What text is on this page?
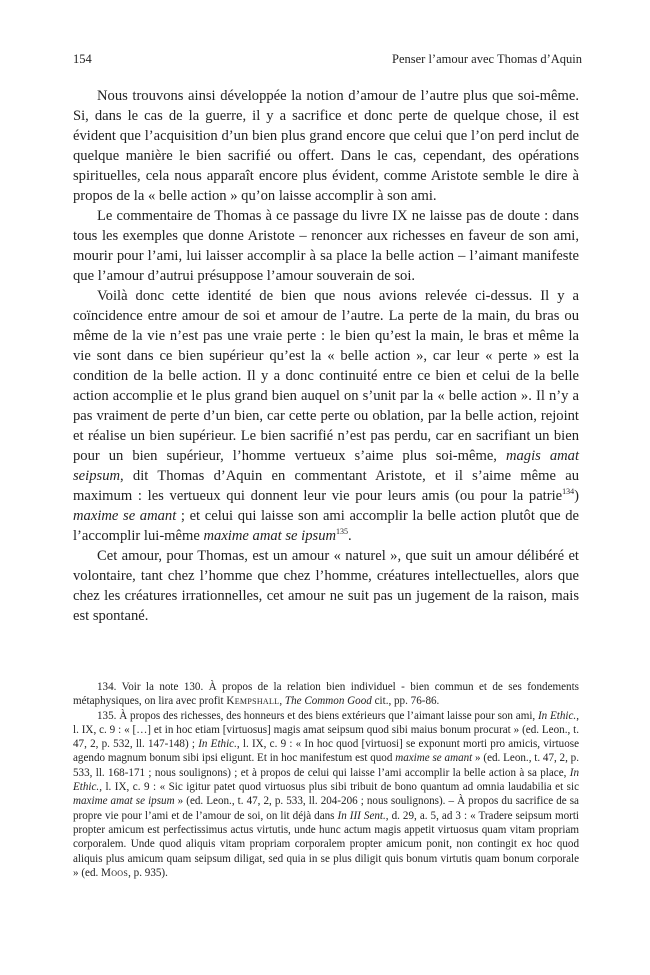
154	Penser l’amour avec Thomas d’Aquin

Nous trouvons ainsi développée la notion d’amour de l’autre plus que soi-même. Si, dans le cas de la guerre, il y a sacrifice et donc perte de quelque chose, il est évident que l’acquisition d’un bien plus grand encore que celui que l’on perd inclut de quelque manière le bien sacrifié ou offert. Dans le cas, cependant, des opérations spirituelles, cela nous apparaît encore plus évident, comme Aristote semble le dire à propos de la « belle action » qu’on laisse accomplir à son ami.

Le commentaire de Thomas à ce passage du livre IX ne laisse pas de doute : dans tous les exemples que donne Aristote – renoncer aux richesses en faveur de son ami, mourir pour l’ami, lui laisser accomplir à sa place la belle action – l’aimant manifeste que l’amour d’autrui présuppose l’amour souverain de soi.

Voilà donc cette identité de bien que nous avions relevée ci-dessus. Il y a coïncidence entre amour de soi et amour de l’autre. La perte de la main, du bras ou même de la vie n’est pas une vraie perte : le bien qu’est la main, le bras et même la vie sont dans ce bien supérieur qu’est la « belle action », car leur « perte » est la condition de la belle action. Il y a donc continuité entre ce bien et celui de la belle action accomplie et le plus grand bien auquel on s’unit par la « belle action ». Il n’y a pas vraiment de perte d’un bien, car cette perte ou oblation, par la belle action, rejoint et réalise un bien supérieur. Le bien sacrifié n’est pas perdu, car en sacrifiant un bien pour un bien supérieur, l’homme vertueux s’aime plus soi-même, magis amat seipsum, dit Thomas d’Aquin en commentant Aristote, et il s’aime même au maximum : les vertueux qui donnent leur vie pour leurs amis (ou pour la patrie$^{134}$) maxime se amant ; et celui qui laisse son ami accomplir la belle action plutôt que de l’accomplir lui-même maxime amat se ipsum$^{135}$.

Cet amour, pour Thomas, est un amour « naturel », que suit un amour délibéré et volontaire, tant chez l’homme que chez l’homme, créatures intellectuelles, alors que chez les créatures irrationnelles, cet amour ne suit pas un jugement de la raison, mais est spontané.

134. Voir la note 130. À propos de la relation bien individuel - bien commun et de ses fondements métaphysiques, on lira avec profit Kempshall, The Common Good cit., pp. 76-86.

135. À propos des richesses, des honneurs et des biens extérieurs que l’aimant laisse pour son ami, In Ethic., l. IX, c. 9 : « […] et in hoc etiam [virtuosus] magis amat seipsum quod sibi maius bonum procurat » (ed. Leon., t. 47, 2, p. 532, ll. 147-148) ; In Ethic., l. IX, c. 9 : « In hoc quod [virtuosi] se exponunt morti pro amicis, virtuose agendo magnum bonum sibi ipsi eligunt. Et in hoc manifestum est quod maxime se amant » (ed. Leon., t. 47, 2, p. 533, ll. 168-171 ; nous soulignons) ; et à propos de celui qui laisse l’ami accomplir la belle action à sa place, In Ethic., l. IX, c. 9 : « Sic igitur patet quod virtuosus plus sibi tribuit de bono quantum ad omnia laudabilia et sic maxime amat se ipsum » (ed. Leon., t. 47, 2, p. 533, ll. 204-206 ; nous soulignons). – À propos du sacrifice de sa propre vie pour l’ami et de l’amour de soi, on lit déjà dans In III Sent., d. 29, a. 5, ad 3 : « Tradere seipsum morti propter amicum est perfectissimus actus virtutis, unde hunc actum magis appetit virtuosus quam vitam propriam corporalem. Unde quod aliquis vitam propriam corporalem propter amicum ponit, non contingit ex hoc quod aliquis plus amicum quam seipsum diligat, sed quia in se plus diligit quis bonum virtutis quam bonum corporale » (ed. Moos, p. 935).
